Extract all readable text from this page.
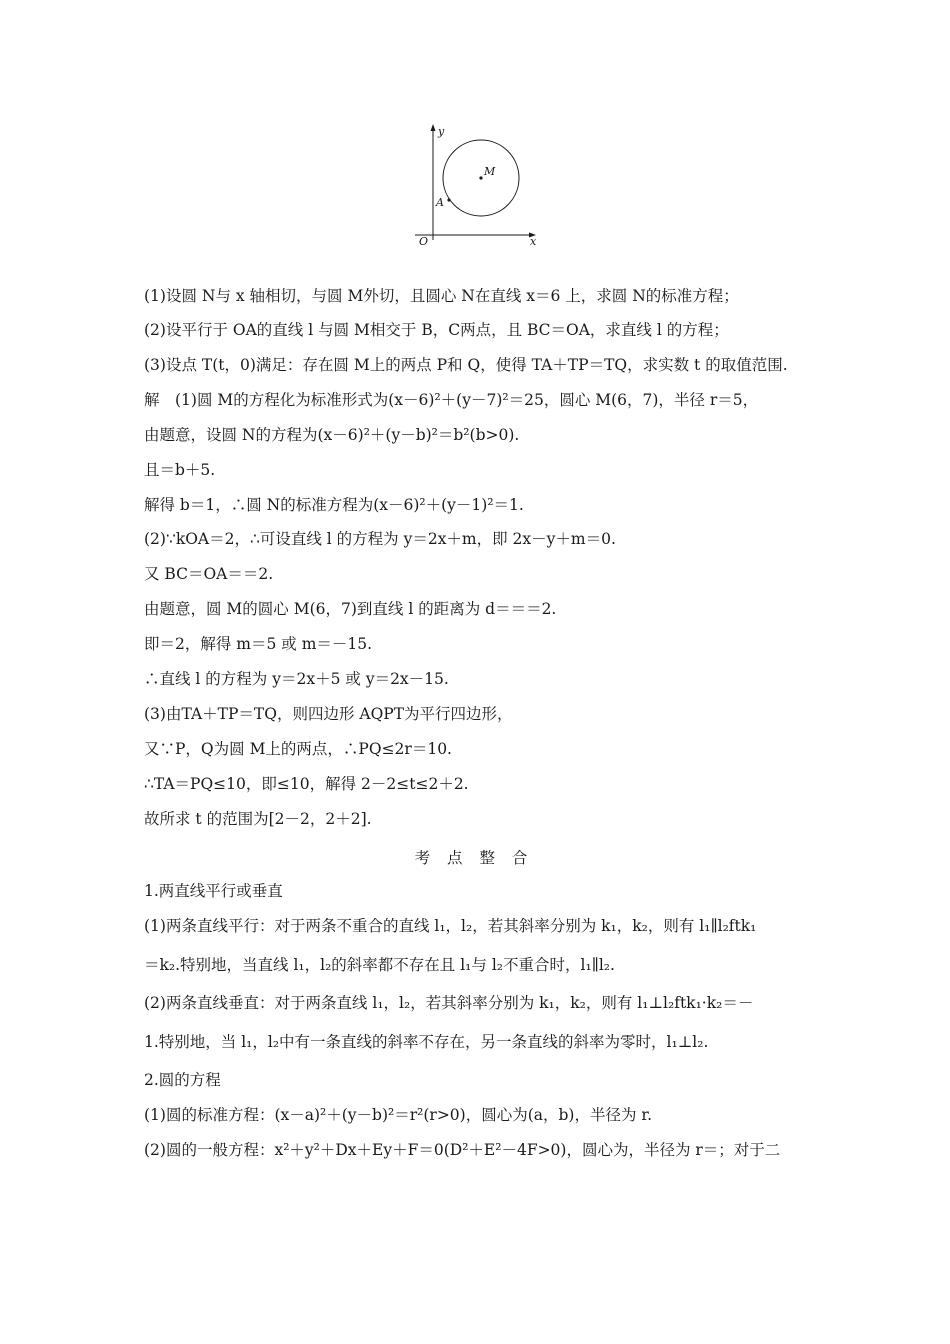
y
x
O
M
A
(1)设圆 N与 x 轴相切，与圆 M外切，且圆心 N在直线 x＝6 上，求圆 N的标准方程；
(2)设平行于 OA的直线 l 与圆 M相交于 B，C两点，且 BC＝OA，求直线 l 的方程；
(3)设点 T(t，0)满足：存在圆 M上的两点 P和 Q，使得 TA＋TP＝TQ，求实数 t 的取值范围.
解　(1)圆 M的方程化为标准形式为(x－6)²＋(y－7)²＝25，圆心 M(6，7)，半径 r＝5，
由题意，设圆 N的方程为(x－6)²＋(y－b)²＝b²(b>0).
且＝b＋5.
解得 b＝1，∴圆 N的标准方程为(x－6)²＋(y－1)²＝1.
(2)∵kOA＝2，∴可设直线 l 的方程为 y＝2x＋m，即 2x－y＋m＝0.
又 BC＝OA＝＝2.
由题意，圆 M的圆心 M(6，7)到直线 l 的距离为 d＝＝＝2.
即＝2，解得 m＝5 或 m＝－15.
∴直线 l 的方程为 y＝2x＋5 或 y＝2x－15.
(3)由TA＋TP＝TQ，则四边形 AQPT为平行四边形，
又∵P，Q为圆 M上的两点，∴PQ≤2r＝10.
∴TA＝PQ≤10，即≤10，解得 2－2≤t≤2＋2.
故所求 t 的范围为[2－2，2＋2].
考 点 整 合
1.两直线平行或垂直
(1)两条直线平行：对于两条不重合的直线 l₁，l₂，若其斜率分别为 k₁，k₂，则有 l₁∥l₂ftk₁
＝k₂.特别地，当直线 l₁，l₂的斜率都不存在且 l₁与 l₂不重合时，l₁∥l₂.
(2)两条直线垂直：对于两条直线 l₁，l₂，若其斜率分别为 k₁，k₂，则有 l₁⊥l₂ftk₁·k₂＝－
1.特别地，当 l₁，l₂中有一条直线的斜率不存在，另一条直线的斜率为零时，l₁⊥l₂.
2.圆的方程
(1)圆的标准方程：(x－a)²＋(y－b)²＝r²(r>0)，圆心为(a，b)，半径为 r.
(2)圆的一般方程：x²＋y²＋Dx＋Ey＋F＝0(D²＋E²－4F>0)，圆心为，半径为 r＝；对于二
